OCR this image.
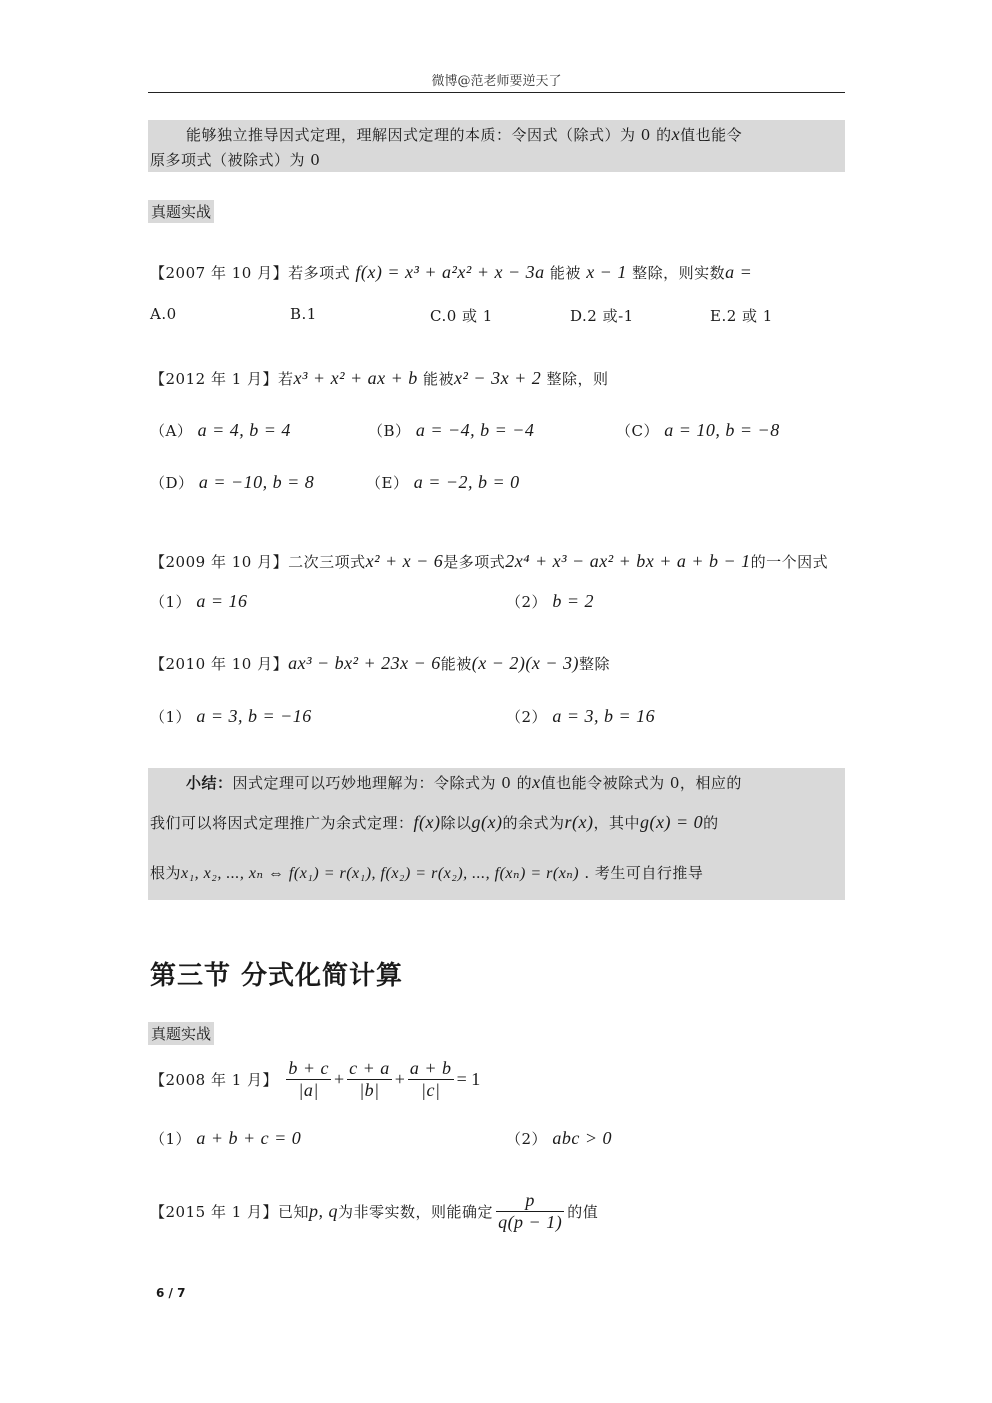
微博@范老师要逆天了
能够独立推导因式定理，理解因式定理的本质：令因式（除式）为 0 的x值也能令
原多项式（被除式）为 0
真题实战
【2007 年 10 月】若多项式 f(x) = x³ + a²x² + x − 3a 能被 x − 1 整除，则实数a =
A.0	B.1	C.0 或 1	D.2 或-1	E.2 或 1
【2012 年 1 月】若x³ + x² + ax + b 能被x² − 3x + 2 整除，则
（A） a = 4, b = 4	（B） a = −4, b = −4	（C） a = 10, b = −8
（D） a = −10, b = 8	（E） a = −2, b = 0
【2009 年 10 月】二次三项式x² + x − 6是多项式2x⁴ + x³ − ax² + bx + a + b − 1的一个因式
（1） a = 16	（2） b = 2
【2010 年 10 月】ax³ − bx² + 23x − 6能被(x − 2)(x − 3)整除
（1） a = 3, b = −16	（2） a = 3, b = 16
小结：因式定理可以巧妙地理解为：令除式为 0 的x值也能令被除式为 0，相应的
我们可以将因式定理推广为余式定理：f(x)除以g(x)的余式为r(x)，其中g(x) = 0的
根为x₁, x₂, ..., xₙ ⇔ f(x₁) = r(x₁), f(x₂) = r(x₂), ..., f(xₙ) = r(xₙ) . 考生可自行推导
第三节 分式化简计算
真题实战
【2008 年 1 月】 $\frac{b + c}{|a|} + \frac{c + a}{|b|} + \frac{a + b}{|c|} = 1$
（1） a + b + c = 0	（2） abc > 0
【2015 年 1 月】已知p, q为非零实数，则能确定 $\frac{p}{q(p - 1)}$ 的值
6 / 7
